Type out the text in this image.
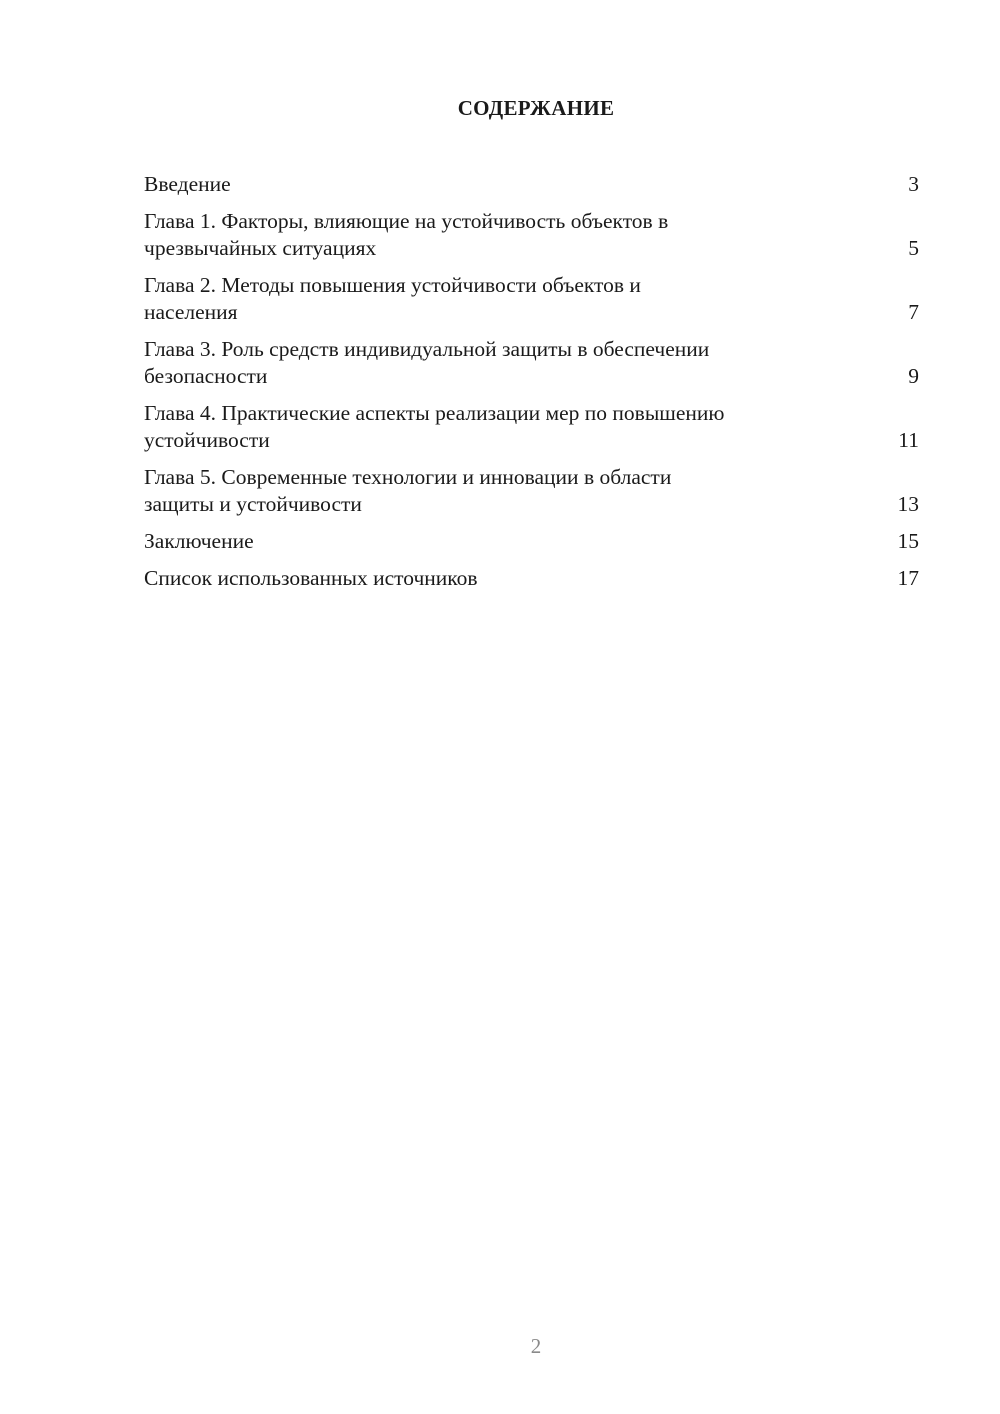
СОДЕРЖАНИЕ
Введение	3
Глава 1. Факторы, влияющие на устойчивость объектов в
чрезвычайных ситуациях	5
Глава 2. Методы повышения устойчивости объектов и
населения	7
Глава 3. Роль средств индивидуальной защиты в обеспечении
безопасности	9
Глава 4. Практические аспекты реализации мер по повышению
устойчивости	11
Глава 5. Современные технологии и инновации в области
защиты и устойчивости	13
Заключение	15
Список использованных источников	17
2
